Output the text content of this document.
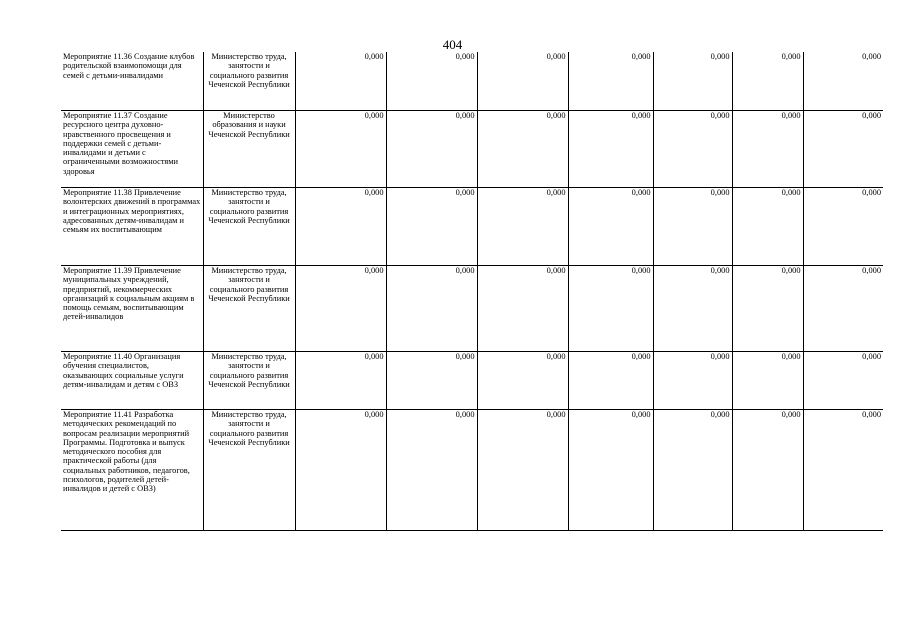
404
Мероприятие 11.36 Создание клубов родительской взаимопомощи для семей с детьми-инвалидами	Министерство труда, занятости и социального развития Чеченской Республики	0,000	0,000	0,000	0,000	0,000	0,000	0,000
Мероприятие 11.37 Создание ресурсного центра духовно-нравственного просвещения и поддержки семей с детьми-инвалидами и детьми с ограниченными возможностями здоровья	Министерство образования и науки Чеченской Республики	0,000	0,000	0,000	0,000	0,000	0,000	0,000
Мероприятие 11.38 Привлечение волонтерских движений в программах и интеграционных мероприятиях, адресованных детям-инвалидам и семьям их воспитывающим	Министерство труда, занятости и социального развития Чеченской Республики	0,000	0,000	0,000	0,000	0,000	0,000	0,000
Мероприятие 11.39 Привлечение муниципальных учреждений, предприятий, некоммерческих организаций к социальным акциям в помощь семьям, воспитывающим детей-инвалидов	Министерство труда, занятости и социального развития Чеченской Республики	0,000	0,000	0,000	0,000	0,000	0,000	0,000
Мероприятие 11.40 Организация обучения специалистов, оказывающих социальные услуги детям-инвалидам и детям с ОВЗ	Министерство труда, занятости и социального развития Чеченской Республики	0,000	0,000	0,000	0,000	0,000	0,000	0,000
Мероприятие 11.41 Разработка методических рекомендаций по вопросам реализации мероприятий Программы. Подготовка и выпуск методического пособия для практической работы (для социальных работников, педагогов, психологов, родителей детей-инвалидов и детей с ОВЗ)	Министерство труда, занятости и социального развития Чеченской Республики	0,000	0,000	0,000	0,000	0,000	0,000	0,000
